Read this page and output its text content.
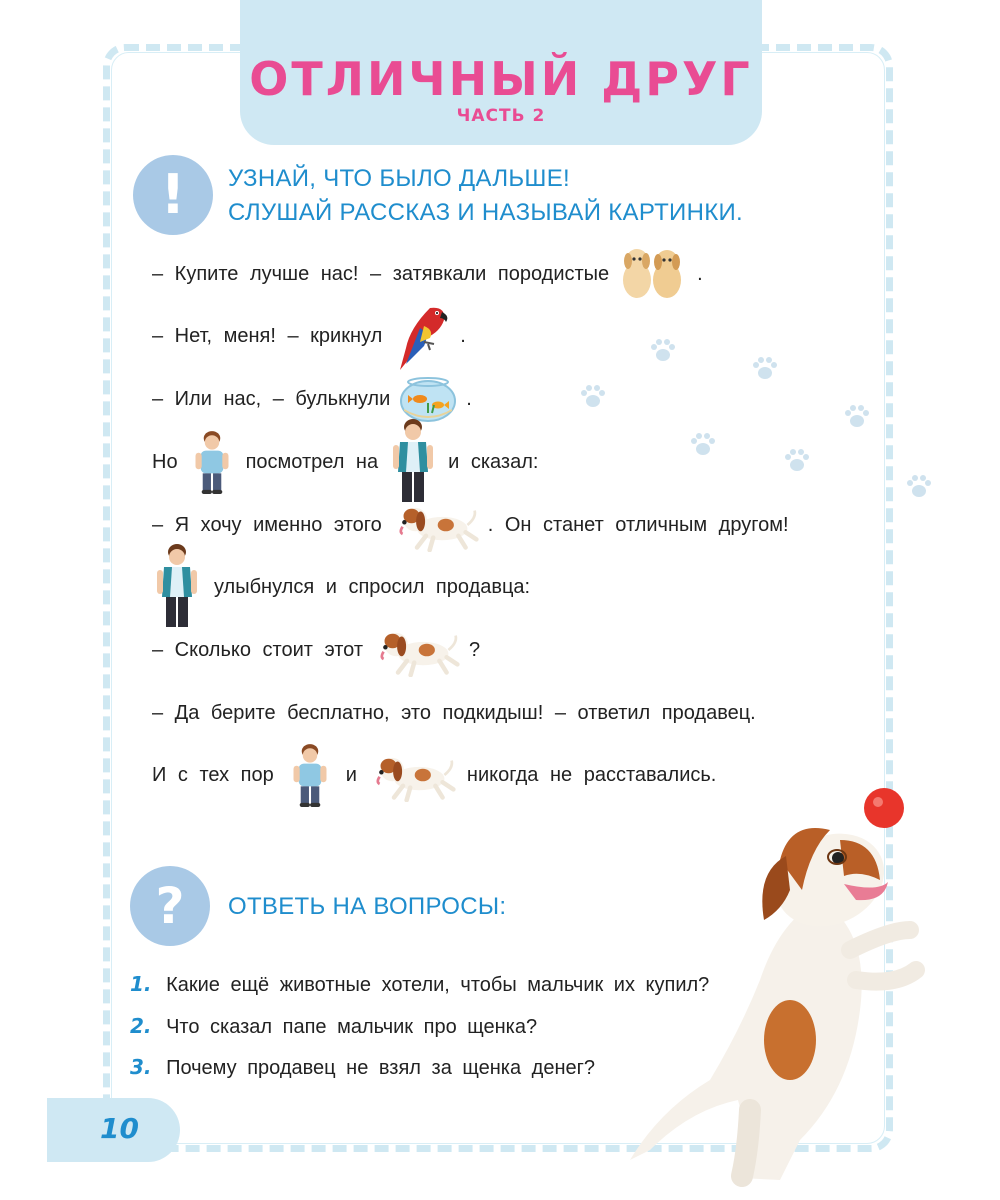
ОТЛИЧНЫЙ ДРУГ
ЧАСТЬ 2
!	УЗНАЙ, ЧТО БЫЛО ДАЛЬШЕ!
СЛУШАЙ РАССКАЗ И НАЗЫВАЙ КАРТИНКИ.
– Купите лучше нас! – затявкали породистые	.
– Нет, меня! – крикнул	.
– Или нас, – булькнули	.
Но	посмотрел на	и сказал:
– Я хочу именно этого	. Он станет отличным другом!
улыбнулся и спросил продавца:
– Сколько стоит этот	?
– Да берите бесплатно, это подкидыш! – ответил продавец.
И с тех пор	и	никогда не расставались.
?	ОТВЕТЬ НА ВОПРОСЫ:
1. Какие ещё животные хотели, чтобы мальчик их купил?
2. Что сказал папе мальчик про щенка?
3. Почему продавец не взял за щенка денег?
10
